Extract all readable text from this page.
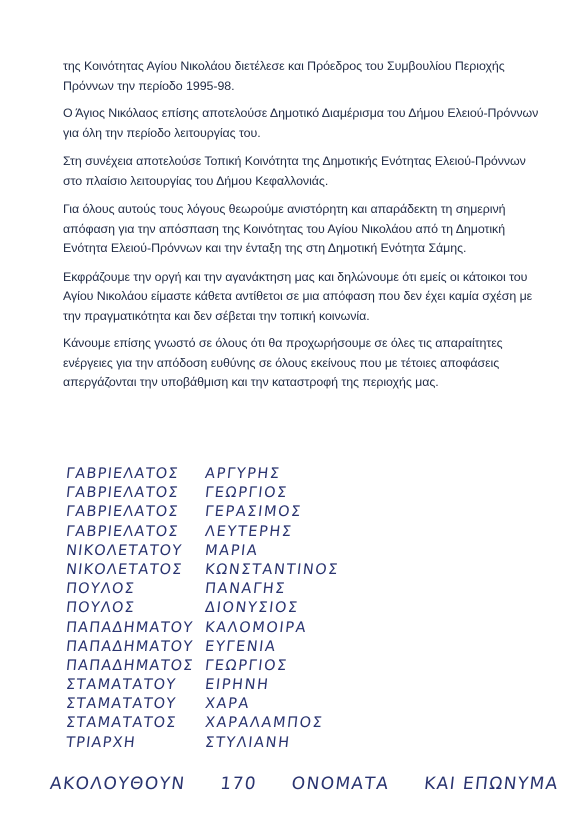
της Κοινότητας Αγίου Νικολάου διετέλεσε και Πρόεδρος του Συμβουλίου Περιοχής Πρόννων την περίοδο 1995-98.

Ο Άγιος Νικόλαος επίσης αποτελούσε Δημοτικό Διαμέρισμα του Δήμου Ελειού-Πρόννων για όλη την περίοδο λειτουργίας του.

Στη συνέχεια αποτελούσε Τοπική Κοινότητα της Δημοτικής Ενότητας Ελειού-Πρόννων στο πλαίσιο λειτουργίας του Δήμου Κεφαλλονιάς.

Για όλους αυτούς τους λόγους θεωρούμε ανιστόρητη και απαράδεκτη τη σημερινή απόφαση για την απόσπαση της Κοινότητας του Αγίου Νικολάου από τη Δημοτική Ενότητα Ελειού-Πρόννων και την ένταξη της στη Δημοτική Ενότητα Σάμης.

Εκφράζουμε την οργή και την αγανάκτηση μας και δηλώνουμε ότι εμείς οι κάτοικοι του Αγίου Νικολάου είμαστε κάθετα αντίθετοι σε μια απόφαση που δεν έχει καμία σχέση με την πραγματικότητα και δεν σέβεται την τοπική κοινωνία.

Κάνουμε επίσης γνωστό σε όλους ότι θα προχωρήσουμε σε όλες τις απαραίτητες ενέργειες για την απόδοση ευθύνης σε όλους εκείνους που με τέτοιες αποφάσεις απεργάζονται την υποβάθμιση και την καταστροφή της περιοχής μας.

ΓΑΒΡΙΕΛΑΤΟΣ ΑΡΓΥΡΗΣ
ΓΑΒΡΙΕΛΑΤΟΣ ΓΕΩΡΓΙΟΣ
ΓΑΒΡΙΕΛΑΤΟΣ ΓΕΡΑΣΙΜΟΣ
ΓΑΒΡΙΕΛΑΤΟΣ ΛΕΥΤΕΡΗΣ
ΝΙΚΟΛΕΤΑΤΟΥ ΜΑΡΙΑ
ΝΙΚΟΛΕΤΑΤΟΣ ΚΩΝΣΤΑΝΤΙΝΟΣ
ΠΟΥΛΟΣ	ΠΑΝΑΓΗΣ
ΠΟΥΛΟΣ	ΔΙΟΝΥΣΙΟΣ
ΠΑΠΑΔΗΜΑΤΟΥ ΚΑΛΟΜΟΙΡΑ
ΠΑΠΑΔΗΜΑΤΟΥ ΕΥΓΕΝΙΑ
ΠΑΠΑΔΗΜΑΤΟΣ ΓΕΩΡΓΙΟΣ
ΣΤΑΜΑΤΑΤΟΥ ΕΙΡΗΝΗ
ΣΤΑΜΑΤΑΤΟΥ ΧΑΡΑ
ΣΤΑΜΑΤΑΤΟΣ ΧΑΡΑΛΑΜΠΟΣ
ΤΡΙΑΡΧΗ	ΣΤΥΛΙΑΝΗ
ΑΚΟΛΟΥΘΟΥΝ 170 ΟΝΟΜΑΤΑ ΚΑΙ ΕΠΩΝΥΜΑ
